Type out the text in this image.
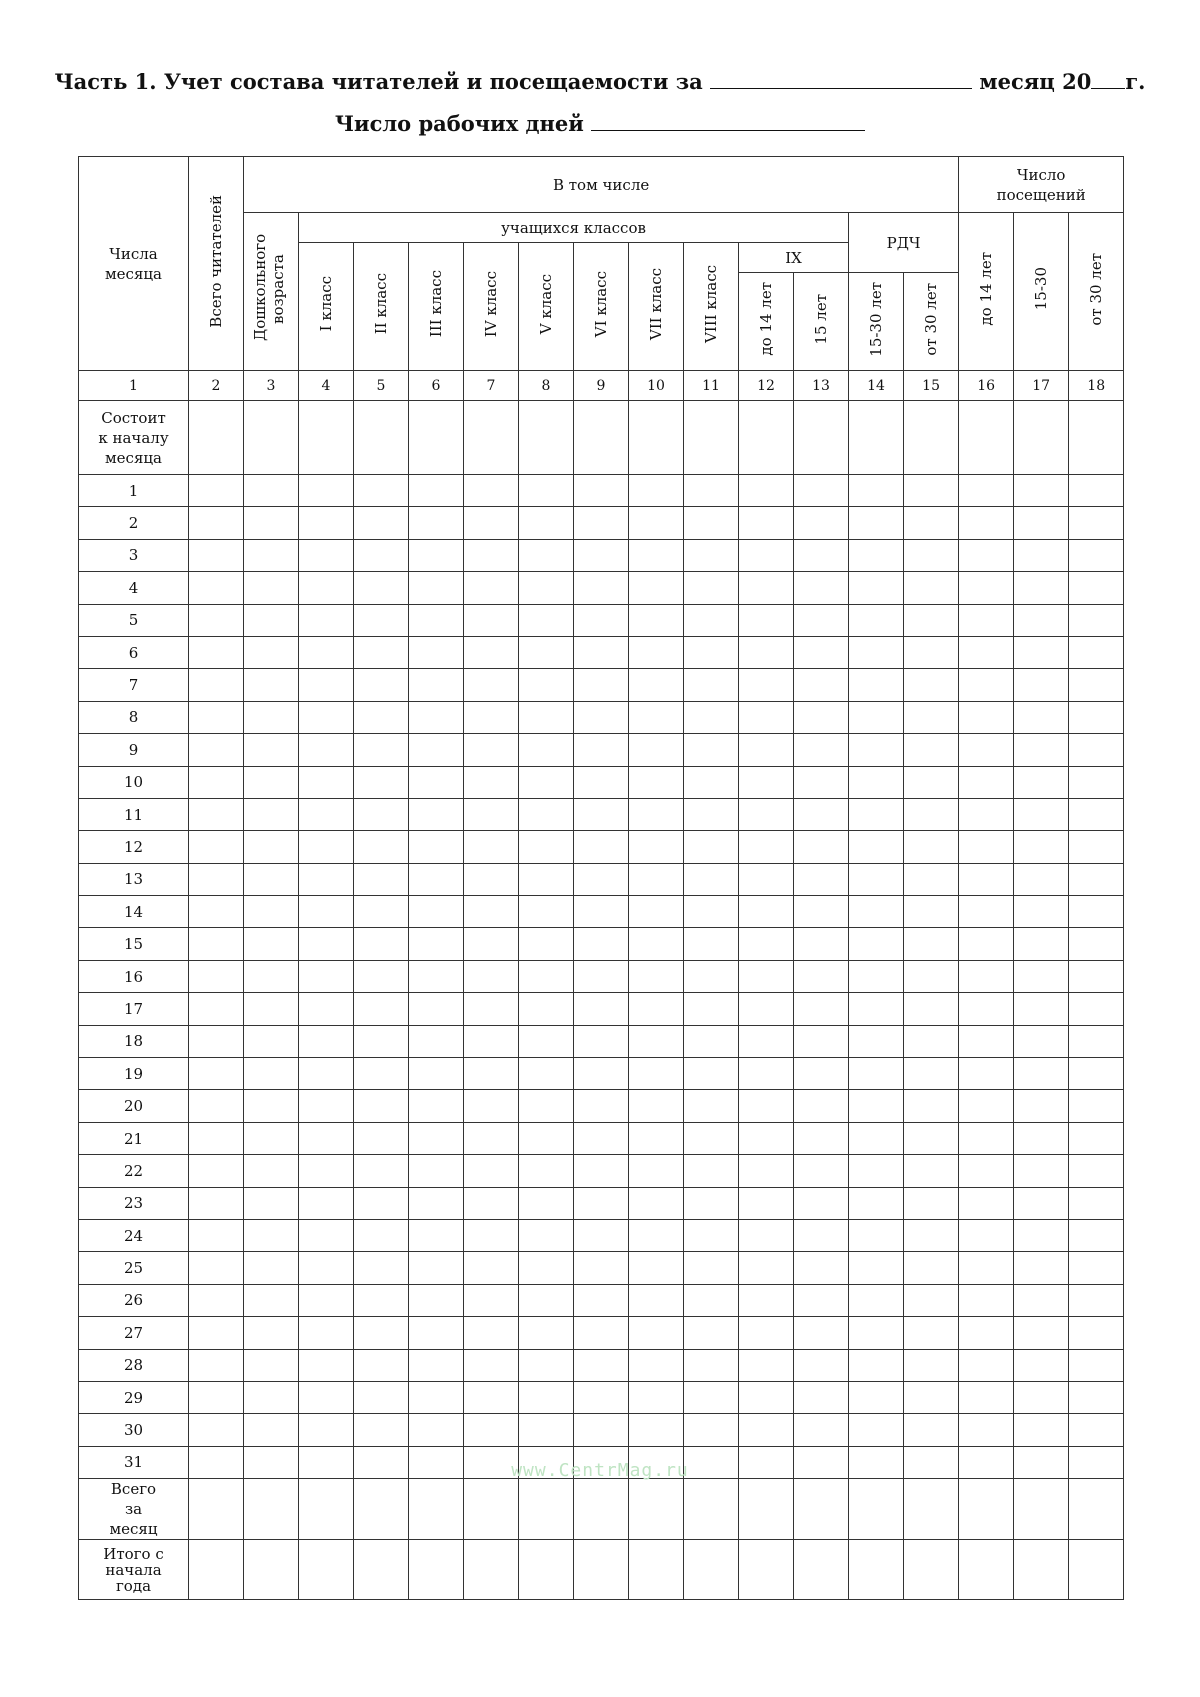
Часть 1. Учет состава читателей и посещаемости за	месяц 20 г.
Число рабочих дней
Числа месяца	Всего читателей	В том числе													Число посещений		
		Дошкольного возраста	учащихся классов										РДЧ		до 14 лет	15-30	от 30 лет
			I класс	II класс	III класс	IV класс	V класс	VI класс	VII класс	VIII класс	IX						
											до 14 лет	15 лет	15-30 лет	от 30 лет			
1	2	3	4	5	6	7	8	9	10	11	12	13	14	15	16	17	18
Состоит к началу месяца																	
1																	
2																	
3																	
4																	
5																	
6																	
7																	
8																	
9																	
10																	
11																	
12																	
13																	
14																	
15																	
16																	
17																	
18																	
19																	
20																	
21																	
22																	
23																	
24																	
25																	
26																	
27																	
28																	
29																	
30																	
31																	
Всего за месяц																	
Итого с начала года																	
www.CentrMag.ru
